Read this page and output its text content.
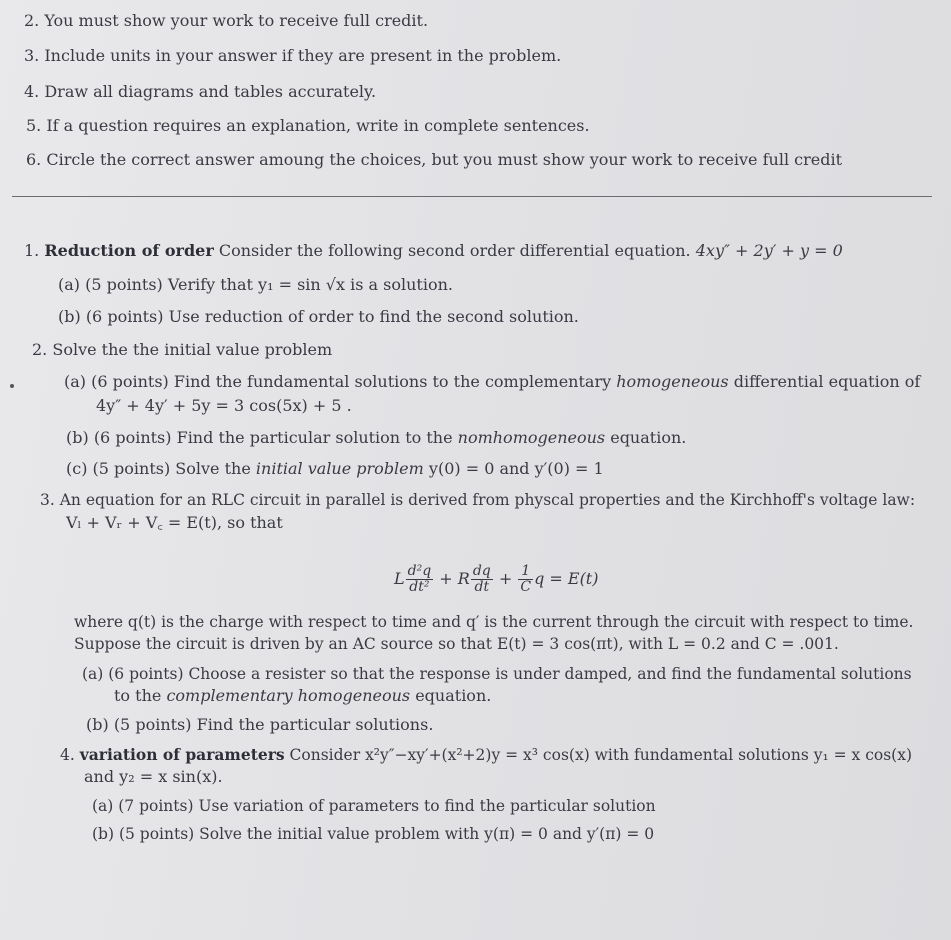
2. You must show your work to receive full credit.
3. Include units in your answer if they are present in the problem.
4. Draw all diagrams and tables accurately.
5. If a question requires an explanation, write in complete sentences.
6. Circle the correct answer amoung the choices, but you must show your work to receive full credit
1. Reduction of order Consider the following second order differential equation. 4xy″ + 2y′ + y = 0
(a) (5 points) Verify that y₁ = sin √x is a solution.
(b) (6 points) Use reduction of order to find the second solution.
2. Solve the the initial value problem
(a) (6 points) Find the fundamental solutions to the complementary homogeneous differential equation of
4y″ + 4y′ + 5y = 3 cos(5x) + 5 .
(b) (6 points) Find the particular solution to the nomhomogeneous equation.
(c) (5 points) Solve the initial value problem y(0) = 0 and y′(0) = 1
3. An equation for an RLC circuit in parallel is derived from physcal properties and the Kirchhoff's voltage law:
Vₗ + Vᵣ + V꜀ = E(t), so that
L $\frac{\text{d²q}}{\text{dt²}} + R \frac{dq}{dt} + \frac{1}{C}$ q = E(t)
where q(t) is the charge with respect to time and q′ is the current through the circuit with respect to time.
Suppose the circuit is driven by an AC source so that E(t) = 3 cos(πt), with L = 0.2 and C = .001.
(a) (6 points) Choose a resister so that the response is under damped, and find the fundamental solutions
to the complementary homogeneous equation.
(b) (5 points) Find the particular solutions.
4. variation of parameters Consider x²y″−xy′+(x²+2)y = x³ cos(x) with fundamental solutions y₁ = x cos(x)
and y₂ = x sin(x).
(a) (7 points) Use variation of parameters to find the particular solution
(b) (5 points) Solve the initial value problem with y(π) = 0 and y′(π) = 0
